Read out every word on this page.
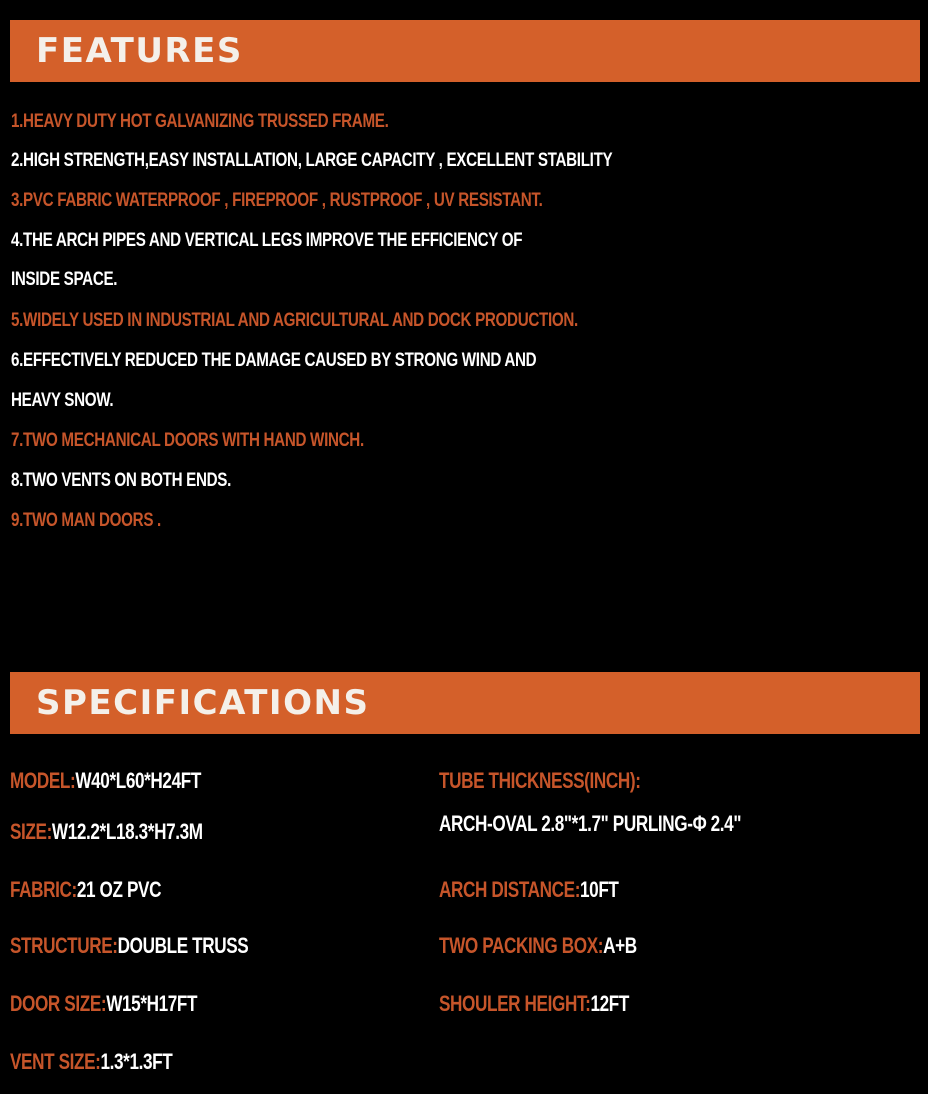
FEATURES
1.HEAVY DUTY HOT GALVANIZING TRUSSED FRAME.
2.HIGH STRENGTH,EASY INSTALLATION, LARGE CAPACITY , EXCELLENT STABILITY
3.PVC FABRIC WATERPROOF , FIREPROOF , RUSTPROOF , UV RESISTANT.
4.THE ARCH PIPES AND VERTICAL LEGS IMPROVE THE EFFICIENCY OF
INSIDE SPACE.
5.WIDELY USED IN INDUSTRIAL AND AGRICULTURAL AND DOCK PRODUCTION.
6.EFFECTIVELY REDUCED THE DAMAGE CAUSED BY STRONG WIND AND
HEAVY SNOW.
7.TWO MECHANICAL DOORS WITH HAND WINCH.
8.TWO VENTS ON BOTH ENDS.
9.TWO MAN DOORS .
SPECIFICATIONS
MODEL:W40*L60*H24FT
SIZE:W12.2*L18.3*H7.3M
FABRIC:21 OZ PVC
STRUCTURE:DOUBLE TRUSS
DOOR SIZE:W15*H17FT
VENT SIZE:1.3*1.3FT
TUBE THICKNESS(INCH):
ARCH-OVAL 2.8"*1.7" PURLING-Φ 2.4"
ARCH DISTANCE:10FT
TWO PACKING BOX:A+B
SHOULER HEIGHT:12FT
